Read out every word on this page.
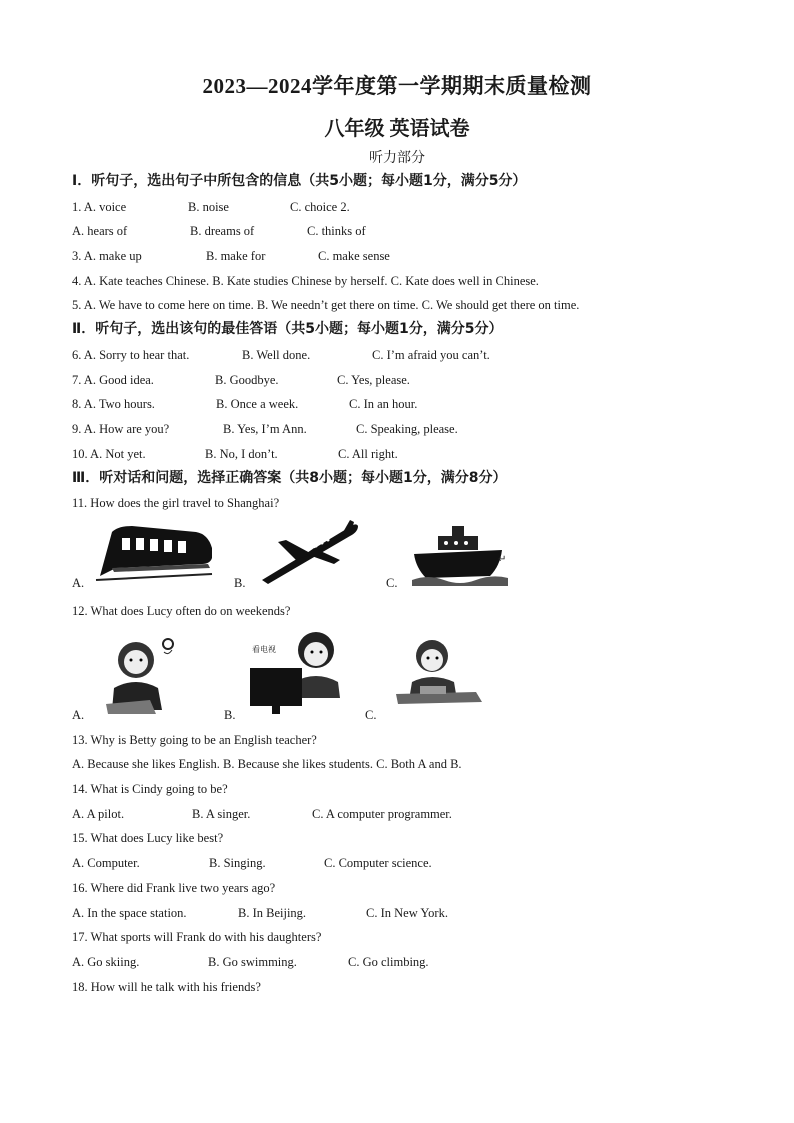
2023—2024学年度第一学期期末质量检测
八年级 英语试卷
听力部分
Ⅰ．听句子，选出句子中所包含的信息（共5小题；每小题1分，满分5分）
1. A. voice	B. noise	C. choice 2.
A. hears of	B. dreams of	C. thinks of
3. A. make up	B. make for	C. make sense
4. A. Kate teaches Chinese. B. Kate studies Chinese by herself. C. Kate does well in Chinese.
5. A. We have to come here on time. B. We needn’t get there on time. C. We should get there on time.
Ⅱ．听句子，选出该句的最佳答语（共5小题；每小题1分，满分5分）
6. A. Sorry to hear that.	B. Well done.	C. I’m afraid you can’t.
7. A. Good idea.	B. Goodbye.	C. Yes, please.
8. A. Two hours.	B. Once a week.	C. In an hour.
9. A. How are you?	B. Yes, I’m Ann.	C. Speaking, please.
10. A. Not yet.	B. No, I don’t.	C. All right.
Ⅲ．听对话和问题，选择正确答案（共8小题；每小题1分，满分8分）
11. How does the girl travel to Shanghai?
A.	B.
↵
C.
12. What does Lucy often do on weekends?
A.
看电视
B.	C.
13. Why is Betty going to be an English teacher?
A. Because she likes English. B. Because she likes students. C. Both A and B.
14. What is Cindy going to be?
A. A pilot.	B. A singer.	C. A computer programmer.
15. What does Lucy like best?
A. Computer.	B. Singing.	C. Computer science.
16. Where did Frank live two years ago?
A. In the space station.	B. In Beijing.	C. In New York.
17. What sports will Frank do with his daughters?
A. Go skiing.	B. Go swimming.	C. Go climbing.
18. How will he talk with his friends?
